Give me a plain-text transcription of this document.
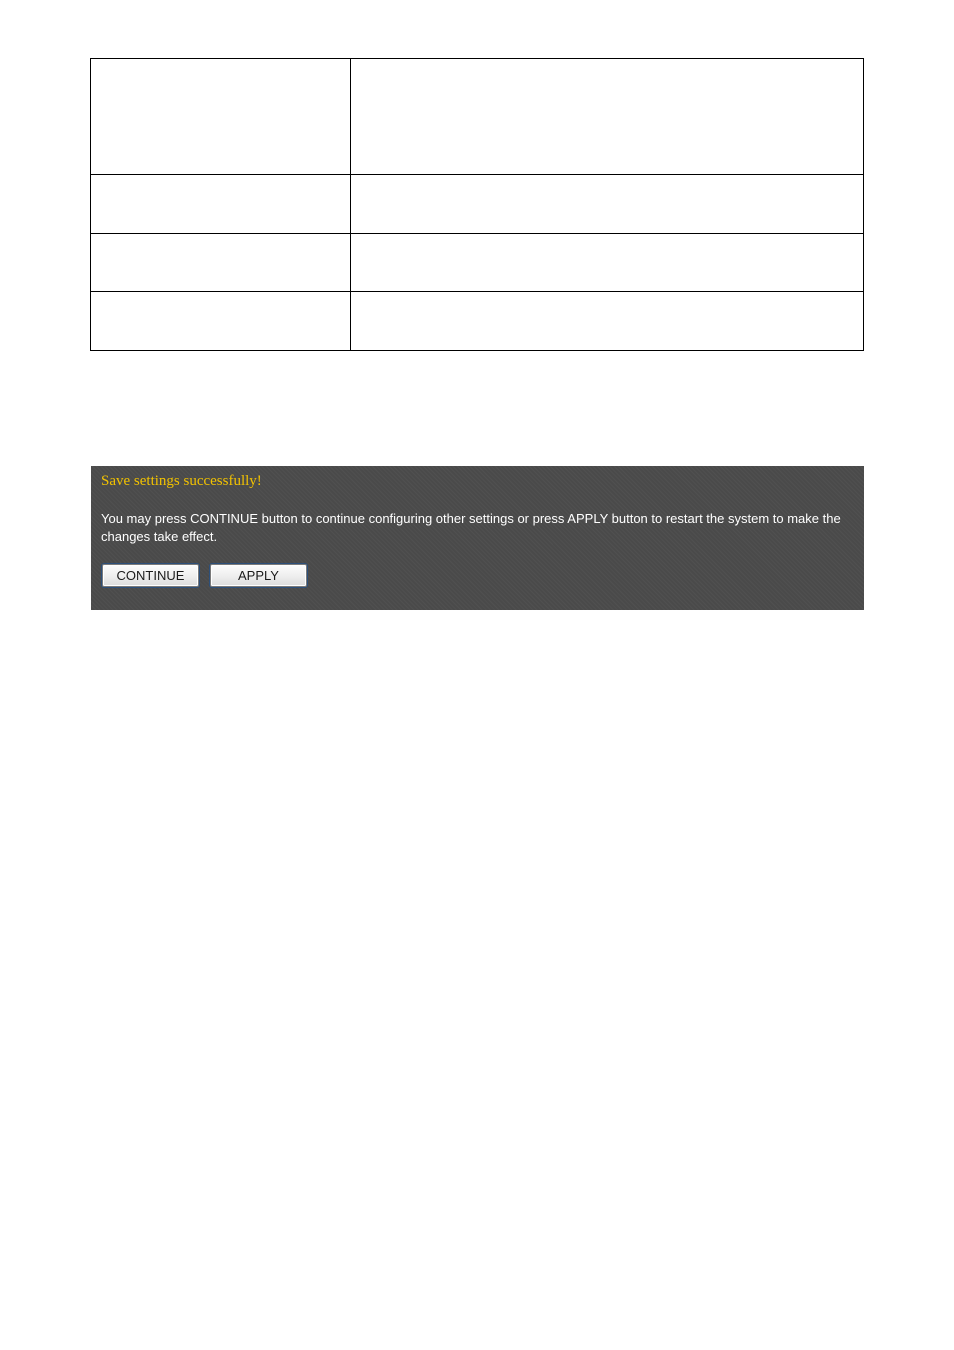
Save settings successfully!
You may press CONTINUE button to continue configuring other settings or press APPLY button to restart the system to make the changes take effect.
CONTINUE	APPLY
